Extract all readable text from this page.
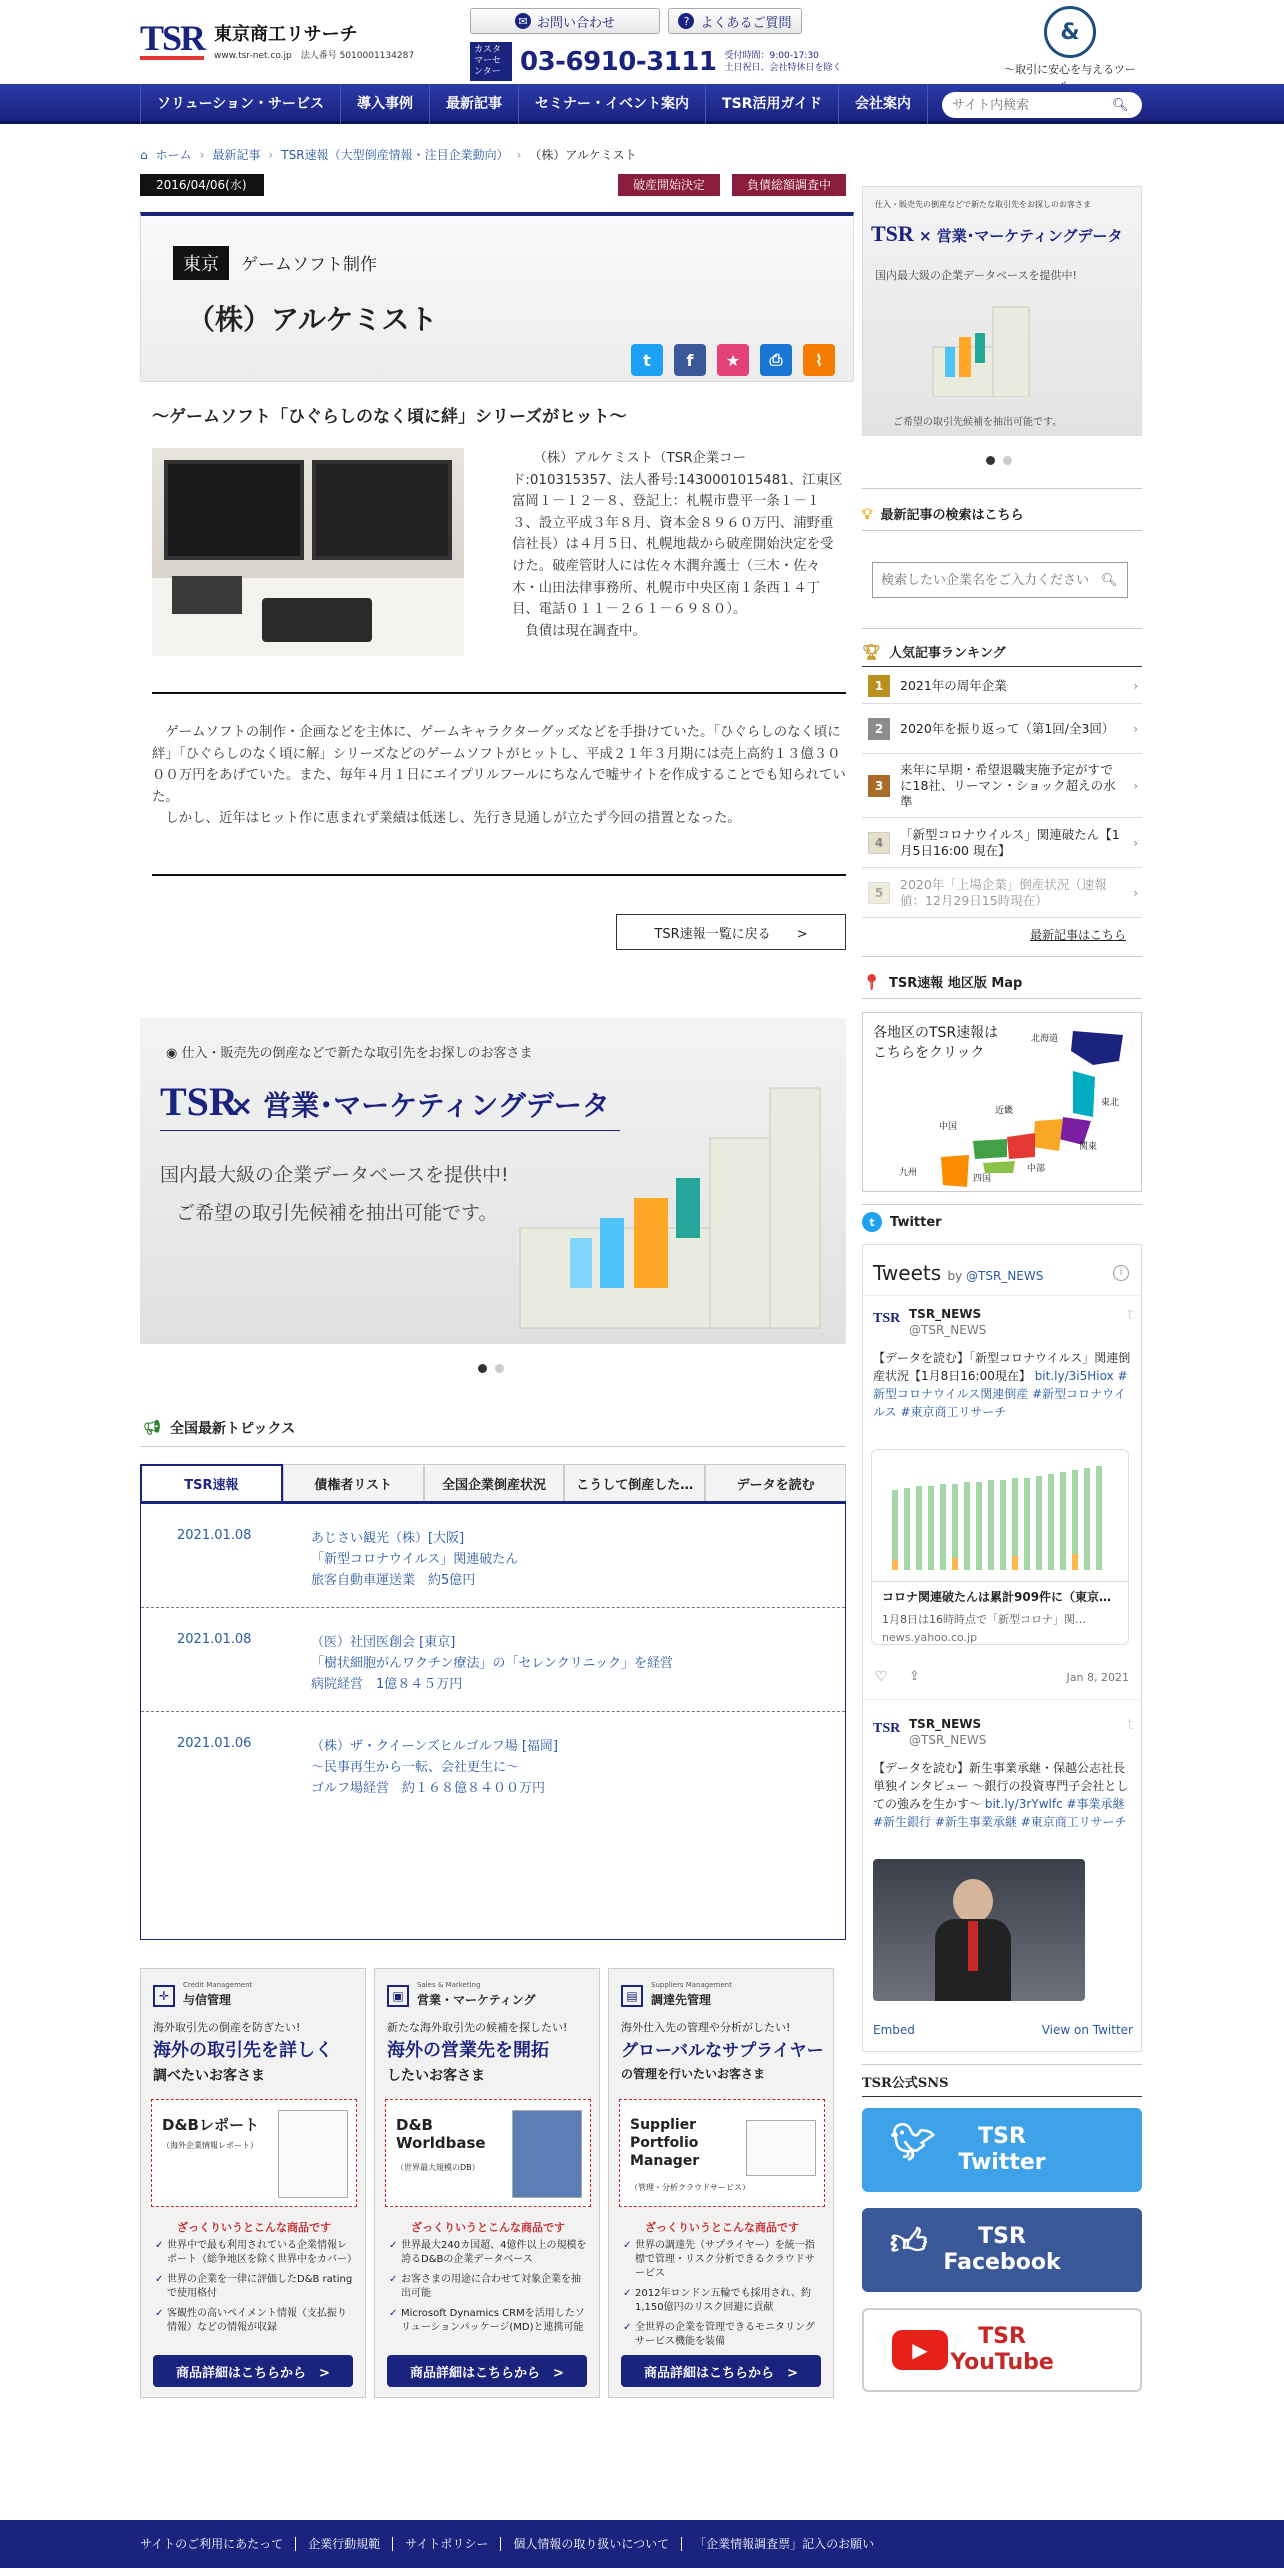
TSR 東京商工リサーチ
www.tsr-net.co.jp　法人番号 5010001134287
✉ お問い合わせ	? よくあるご質問
カスタマーセンター 03-6910-3111 受付時間：9:00-17:30
土日祝日、会社特休日を除く
&
〜取引に安心を与えるツー
ソリューション・サービス	導入事例	最新記事	セミナー・イベント案内	TSR活用ガイド	会社案内
サイト内検索	🔍︎
⌂ ホーム › 最新記事 › TSR速報（大型倒産情報・注目企業動向） › （株）アルケミスト
2016/04/06(水)	破産開始決定	負債総額調査中
東京	ゲームソフト制作
（株）アルケミスト
t	f	★	⎙	⌇
〜ゲームソフト「ひぐらしのなく頃に絆」シリーズがヒット〜

（株）アルケミスト（TSR企業コード:010315357、法人番号:1430001015481、江東区富岡１－１２－８、登記上：札幌市豊平一条１－１３、設立平成３年８月、資本金８９６０万円、浦野重信社長）は４月５日、札幌地裁から破産開始決定を受けた。破産管財人には佐々木潤弁護士（三木・佐々木・山田法律事務所、札幌市中央区南１条西１４丁目、電話０１１－２６１－６９８０）。

負債は現在調査中。

ゲームソフトの制作・企画などを主体に、ゲームキャラクターグッズなどを手掛けていた。「ひぐらしのなく頃に絆」「ひぐらしのなく頃に解」シリーズなどのゲームソフトがヒットし、平成２１年３月期には売上高約１３億３０００万円をあげていた。また、毎年４月１日にエイプリルフールにちなんで嘘サイトを作成することでも知られていた。

しかし、近年はヒット作に恵まれず業績は低迷し、先行き見通しが立たず今回の措置となった。

TSR速報一覧に戻る　　>
◉ 仕入・販売先の倒産などで新たな取引先をお探しのお客さま
TSR
× 営業･マーケティングデータ
国内最大級の企業データベースを提供中!
ご希望の取引先候補を抽出可能です。
📢︎ 全国最新トピックス
TSR速報	債権者リスト	全国企業倒産状況	こうして倒産した…	データを読む
2021.01.08	あじさい観光（株）[大阪]
「新型コロナウイルス」関連破たん
旅客自動車運送業　約5億円
2021.01.08	（医）社団医創会 [東京]
「樹状細胞がんワクチン療法」の「セレンクリニック」を経営
病院経営　1億８４５万円
2021.01.06	（株）ザ・クイーンズヒルゴルフ場 [福岡]
〜民事再生から一転、会社更生に〜
ゴルフ場経営　約１６８億８４００万円
✛
Credit Management
与信管理
海外取引先の倒産を防ぎたい!
海外の取引先を詳しく
調べたいお客さま
D&Bレポート
（海外企業情報レポート）
ざっくりいうとこんな商品です
✓ 世界中で最も利用されている企業情報レポート（総争地区を除く世界中をカバー）
✓ 世界の企業を一律に評価したD&B ratingで使用格付
✓ 客観性の高いペイメント情報（支払振り情報）などの情報が収録
商品詳細はこちらから　>
▣
Sales & Marketing
営業・マーケティング
新たな海外取引先の候補を探したい!
海外の営業先を開拓
したいお客さま
D&B Worldbase
（世界最大規模のDB）
ざっくりいうとこんな商品です
✓ 世界最大240カ国超、4億件以上の規模を誇るD&Bの企業データベース
✓ お客さまの用途に合わせて対象企業を抽出可能
✓ Microsoft Dynamics CRMを活用したソリューションパッケージ(MD)と連携可能
商品詳細はこちらから　>
▤
Suppliers Management
調達先管理
海外仕入先の管理や分析がしたい!
グローバルなサプライヤー
の管理を行いたいお客さま
Supplier Portfolio Manager
（管理・分析クラウドサービス）
ざっくりいうとこんな商品です
✓ 世界の調達先（サプライヤー）を統一指標で管理・リスク分析できるクラウドサービス
✓ 2012年ロンドン五輪でも採用され、約1,150億円のリスク回避に貢献
✓ 全世界の企業を管理できるモニタリングサービス機能を装備
商品詳細はこちらから　>
仕入・販売先の倒産などで新たな取引先をお探しのお客さま
TSR × 営業･マーケティングデータ
国内最大級の企業データベースを提供中!
ご希望の取引先候補を抽出可能です。
💡︎ 最新記事の検索はこちら
検索したい企業名をご入力ください
🔍︎
🏆︎ 人気記事ランキング
1	2021年の周年企業	›
2	2020年を振り返って（第1回/全3回）	›
3
来年に早期・希望退職実施予定がすでに18社、リーマン・ショック超えの水準
›
4
「新型コロナウイルス」関連破たん【1月5日16:00 現在】	›
5
2020年「上場企業」倒産状況（速報値：12月29日15時現在）	›
最新記事はこちら
📍︎ TSR速報 地区版 Map
各地区のTSR速報は
こちらをクリック
北海道
東北
関東
中部
近畿
中国
四国
九州
t	Twitter
Tweets by @TSR_NEWS	i
TSR TSR_NEWS
@TSR_NEWS
t
【データを読む】「新型コロナウイルス」関連倒産状況【1月8日16:00現在】 bit.ly/3i5Hiox #新型コロナウイルス関連倒産 #新型コロナウイルス #東京商工リサーチ
コロナ関連破たんは累計909件に（東京…
1月8日は16時時点で「新型コロナ」関…
news.yahoo.co.jp
♡ ⇪	Jan 8, 2021
TSR TSR_NEWS
@TSR_NEWS
t
【データを読む】新生事業承継・保越公志社長単独インタビュー ～銀行の投資専門子会社としての強みを生かす～ bit.ly/3rYwlfc #事業承継 #新生銀行 #新生事業承継 #東京商工リサーチ
Embed	View on Twitter
TSR公式SNS
🐦︎	TSR
Twitter
👍︎	TSR
Facebook
▶
TSR
YouTube
サイトのご利用にあたって	企業行動規範	サイトポリシー	個人情報の取り扱いについて	「企業情報調査票」記入のお願い
